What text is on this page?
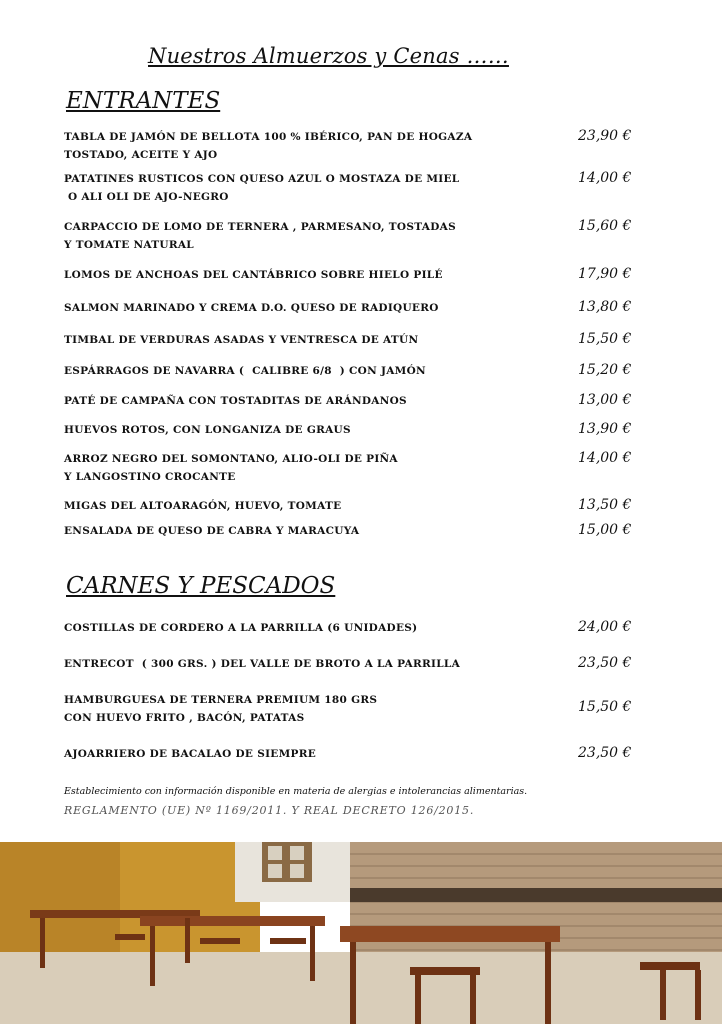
Nuestros Almuerzos y Cenas ……
ENTRANTES
TABLA DE JAMÓN DE BELLOTA 100 % IBÉRICO, PAN DE HOGAZA
TOSTADO, ACEITE Y AJO
23,90 €
PATATINES RUSTICOS CON QUESO AZUL O MOSTAZA DE MIEL
O ALI OLI DE AJO-NEGRO
14,00 €
CARPACCIO DE LOMO DE TERNERA , PARMESANO, TOSTADAS
Y TOMATE NATURAL
15,60 €
LOMOS DE ANCHOAS DEL CANTÁBRICO SOBRE HIELO PILÉ	17,90 €
SALMON MARINADO Y CREMA D.O. QUESO DE RADIQUERO	13,80 €
TIMBAL DE VERDURAS ASADAS Y VENTRESCA DE ATÚN	15,50 €
ESPÁRRAGOS DE NAVARRA (  CALIBRE 6/8  ) CON JAMÓN	15,20 €
PATÉ DE CAMPAÑA CON TOSTADITAS DE ARÁNDANOS	13,00 €
HUEVOS ROTOS, CON LONGANIZA DE GRAUS	13,90 €
ARROZ NEGRO DEL SOMONTANO, ALIO-OLI DE PIÑA
Y LANGOSTINO CROCANTE
14,00 €
MIGAS DEL ALTOARAGÓN, HUEVO, TOMATE	13,50 €
ENSALADA DE QUESO DE CABRA Y MARACUYA	15,00 €
CARNES Y PESCADOS
COSTILLAS DE CORDERO A LA PARRILLA (6 UNIDADES)	24,00 €
ENTRECOT  ( 300 GRS. ) DEL VALLE DE BROTO A LA PARRILLA	23,50 €
HAMBURGUESA DE TERNERA PREMIUM 180 GRS
CON HUEVO FRITO , BACÓN, PATATAS
15,50 €
AJOARRIERO DE BACALAO DE SIEMPRE	23,50 €
Establecimiento con información disponible en materia de alergias e intolerancias alimentarias.
REGLAMENTO (UE) Nº 1169/2011. Y REAL DECRETO 126/2015.
